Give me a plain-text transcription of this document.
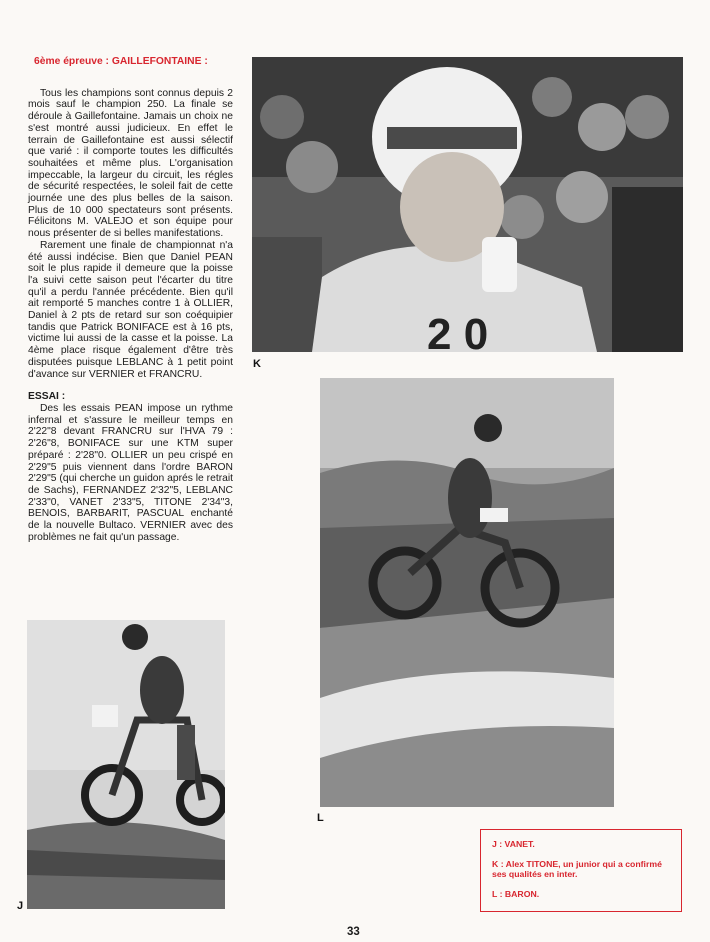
6ème épreuve : GAILLEFONTAINE :

Tous les champions sont connus depuis 2 mois sauf le champion 250. La finale se déroule à Gaillefontaine. Jamais un choix ne s'est montré aussi judicieux. En effet le terrain de Gaillefontaine est aussi sélectif que varié : il comporte toutes les difficultés souhaitées et même plus. L'organisation impeccable, la largeur du circuit, les régles de sécurité respectées, le soleil fait de cette journée une des plus belles de la saison. Plus de 10 000 spectateurs sont présents. Félicitons M. VALEJO et son équipe pour nous présenter de si belles manifestations.

Rarement une finale de championnat n'a été aussi indécise. Bien que Daniel PEAN soit le plus rapide il demeure que la poisse l'a suivi cette saison peut l'écarter du titre qu'il a perdu l'année précédente. Bien qu'il ait remporté 5 manches contre 1 à OLLIER, Daniel à 2 pts de retard sur son coéquipier tandis que Patrick BONIFACE est à 16 pts, victime lui aussi de la casse et la poisse. La 4ème place risque également d'être très disputées puisque LEBLANC à 1 petit point d'avance sur VERNIER et FRANCRU.

ESSAI :

Des les essais PEAN impose un rythme infernal et s'assure le meilleur temps en 2'22"8 devant FRANCRU sur l'HVA 79 : 2'26"8, BONIFACE sur une KTM super préparé : 2'28"0. OLLIER un peu crispé en 2'29"5 puis viennent dans l'ordre BARON 2'29"5 (qui cherche un guidon aprés le retrait de Sachs), FERNANDEZ 2'32"5, LEBLANC 2'33"0, VANET 2'33"5, TITONE 2'34"3, BENOIS, BARBARIT, PASCUAL enchanté de la nouvelle Bultaco. VERNIER avec des problèmes ne fait qu'un passage.

2 0
K
L
J
J : VANET.
K : Alex TITONE, un junior qui a confirmé ses qualités en inter.
L : BARON.
33
